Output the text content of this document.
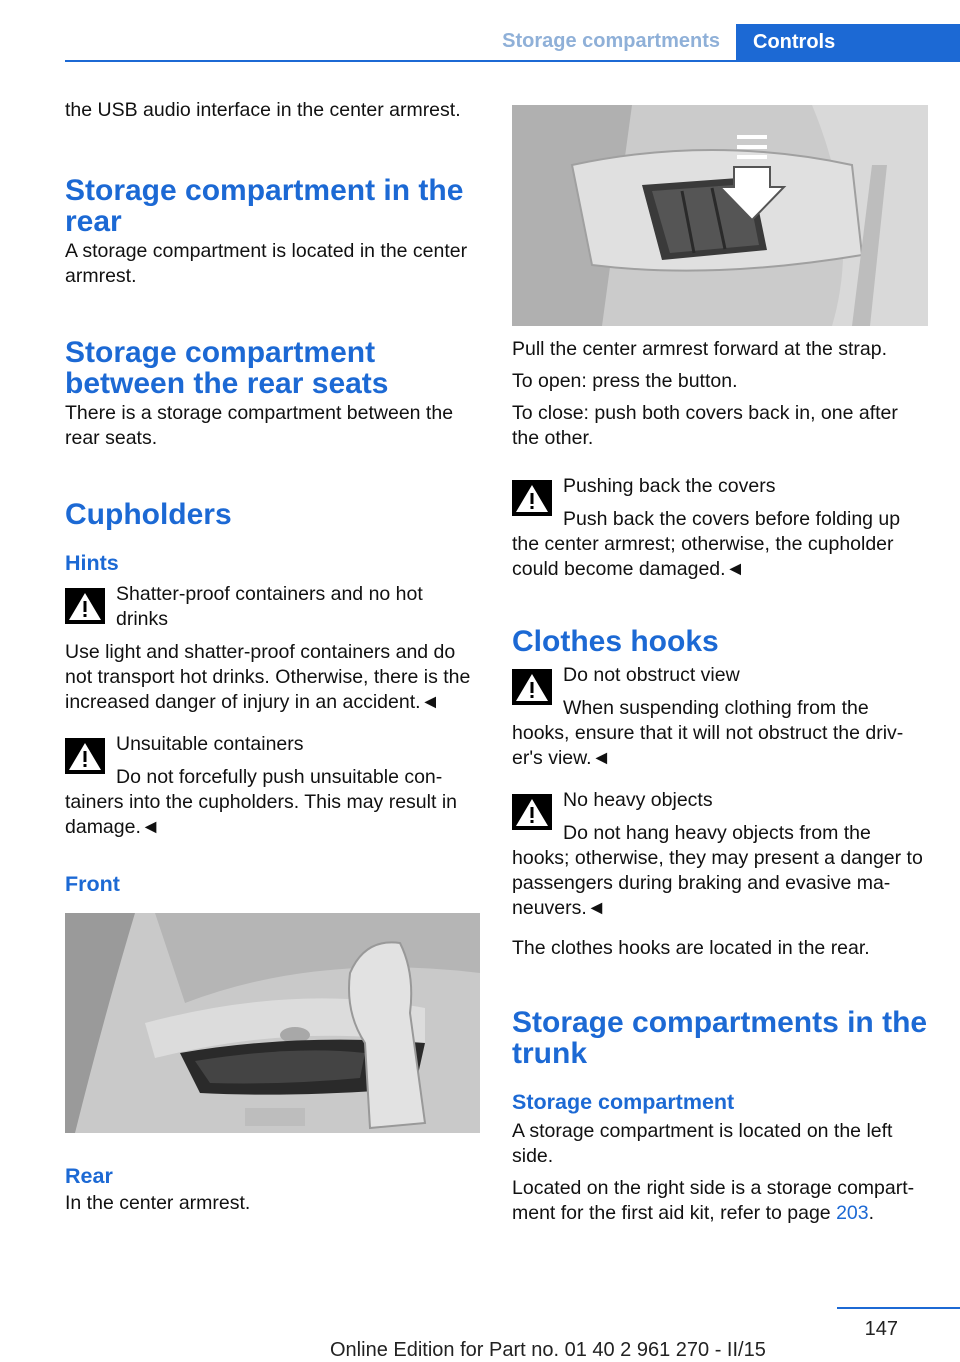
Storage compartments	Controls

the USB audio interface in the center armrest.

Storage compartment in the rear

A storage compartment is located in the center armrest.

Storage compartment between the rear seats

There is a storage compartment between the rear seats.

Cupholders
Hints

Shatter-proof containers and no hot drinks

Use light and shatter-proof containers and do not transport hot drinks. Otherwise, there is the increased danger of injury in an accident.◄

Unsuitable containers

Do not forcefully push unsuitable con‐

tainers into the cupholders. This may result in damage.◄

Front
Rear

In the center armrest.

Pull the center armrest forward at the strap.

To open: press the button.

To close: push both covers back in, one after the other.

Pushing back the covers

Push back the covers before folding up

the center armrest; otherwise, the cupholder could become damaged.◄

Clothes hooks

Do not obstruct view

When suspending clothing from the

hooks, ensure that it will not obstruct the driv‐er's view.◄

No heavy objects

Do not hang heavy objects from the

hooks; otherwise, they may present a danger to passengers during braking and evasive ma‐neuvers.◄

The clothes hooks are located in the rear.

Storage compartments in the trunk
Storage compartment

A storage compartment is located on the left side.

Located on the right side is a storage compart‐ment for the first aid kit, refer to page 203.

147
Online Edition for Part no. 01 40 2 961 270 - II/15
